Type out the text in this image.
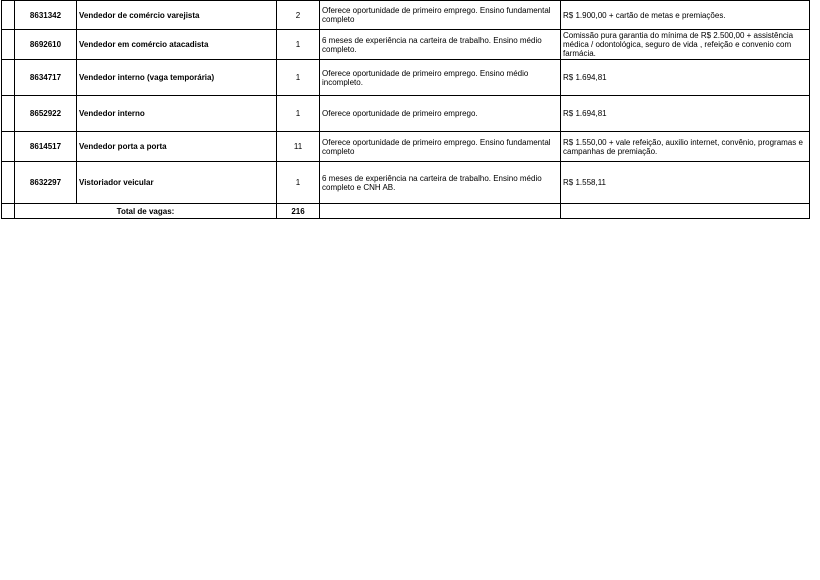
	8631342	Vendedor de comércio varejista	2	Oferece oportunidade de primeiro emprego. Ensino fundamental completo	R$ 1.900,00 + cartão de metas e premiações.
	8692610	Vendedor em comércio atacadista	1	6 meses de experiência na carteira de trabalho. Ensino médio completo.	Comissão pura garantia do mínima de R$ 2.500,00 + assistência médica / odontológica, seguro de vida , refeição e convenio com farmácia.
	8634717	Vendedor interno (vaga temporária)	1	Oferece oportunidade de primeiro emprego. Ensino médio incompleto.	R$ 1.694,81
	8652922	Vendedor interno	1	Oferece oportunidade de primeiro emprego.	R$ 1.694,81
	8614517	Vendedor porta a porta	11	Oferece oportunidade de primeiro emprego. Ensino fundamental completo	R$ 1.550,00 + vale refeição, auxilio internet, convênio, programas e campanhas de premiação.
	8632297	Vistoriador veicular	1	6 meses de experiência na carteira de trabalho. Ensino médio completo e CNH AB.	R$ 1.558,11
	Total de vagas:		216		
